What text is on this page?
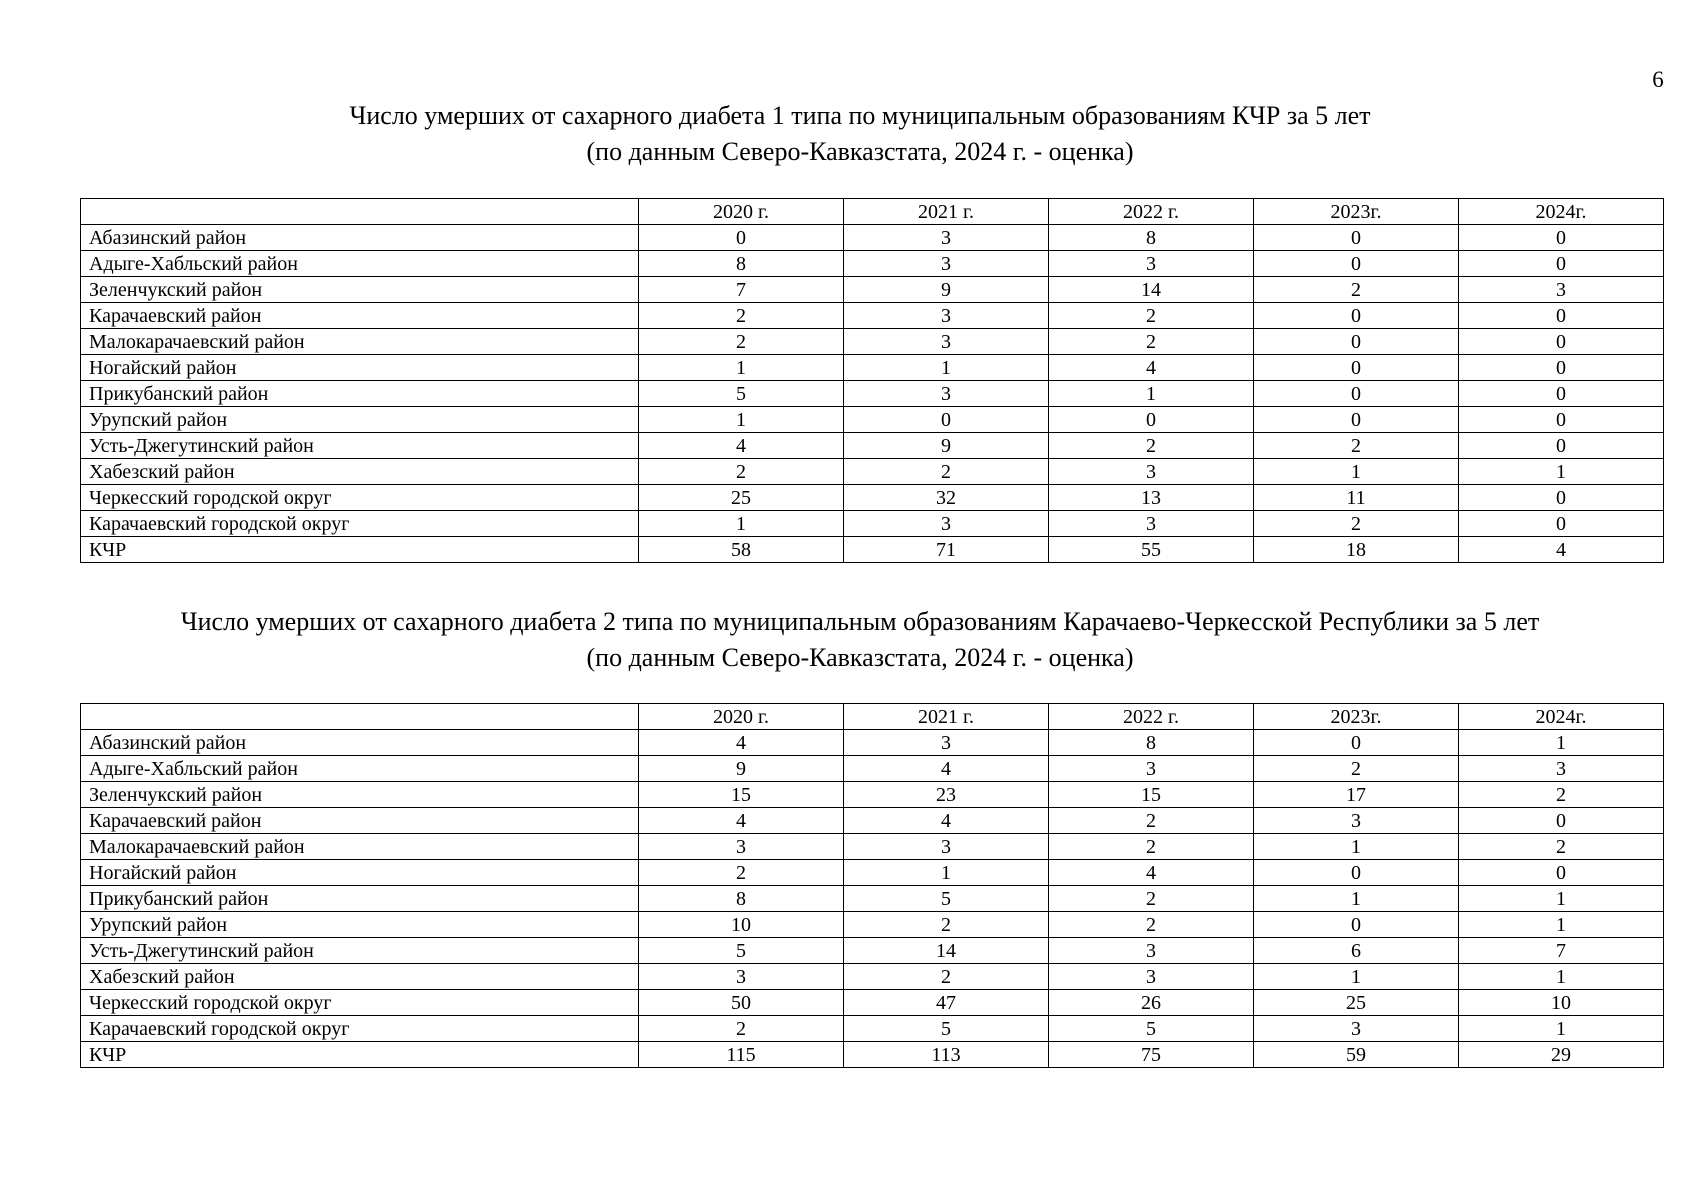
6
Число умерших от сахарного диабета 1 типа по муниципальным образованиям КЧР за 5 лет
(по данным Северо-Кавказстата, 2024 г. - оценка)
	2020 г.	2021 г.	2022 г.	2023г.	2024г.
Абазинский район	0	3	8	0	0
Адыге-Хабльский район	8	3	3	0	0
Зеленчукский район	7	9	14	2	3
Карачаевский район	2	3	2	0	0
Малокарачаевский район	2	3	2	0	0
Ногайский район	1	1	4	0	0
Прикубанский район	5	3	1	0	0
Урупский район	1	0	0	0	0
Усть-Джегутинский район	4	9	2	2	0
Хабезский район	2	2	3	1	1
Черкесский городской округ	25	32	13	11	0
Карачаевский городской округ	1	3	3	2	0
КЧР	58	71	55	18	4
Число умерших от сахарного диабета 2 типа по муниципальным образованиям Карачаево-Черкесской Республики за 5 лет
(по данным Северо-Кавказстата, 2024 г. - оценка)
	2020 г.	2021 г.	2022 г.	2023г.	2024г.
Абазинский район	4	3	8	0	1
Адыге-Хабльский район	9	4	3	2	3
Зеленчукский район	15	23	15	17	2
Карачаевский район	4	4	2	3	0
Малокарачаевский район	3	3	2	1	2
Ногайский район	2	1	4	0	0
Прикубанский район	8	5	2	1	1
Урупский район	10	2	2	0	1
Усть-Джегутинский район	5	14	3	6	7
Хабезский район	3	2	3	1	1
Черкесский городской округ	50	47	26	25	10
Карачаевский городской округ	2	5	5	3	1
КЧР	115	113	75	59	29
